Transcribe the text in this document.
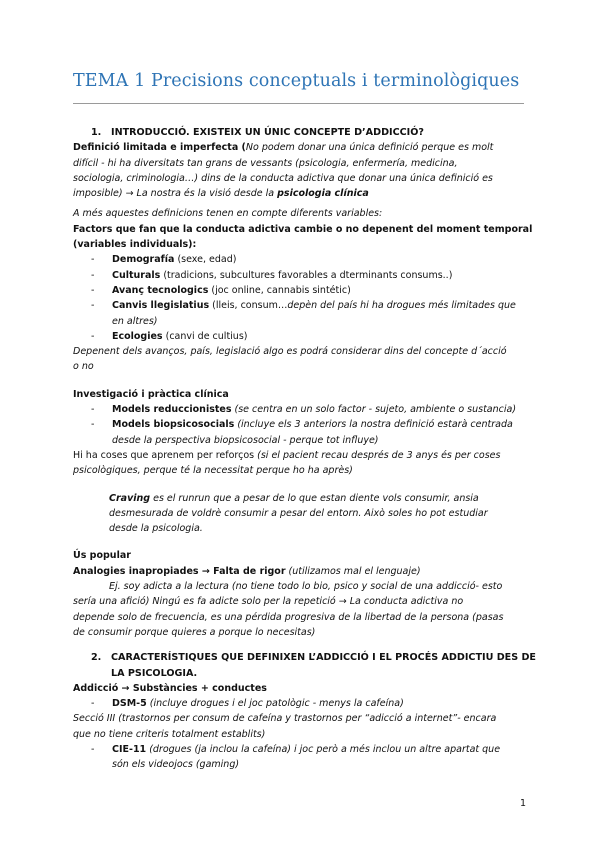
TEMA 1 Precisions conceptuals i terminològiques
1. INTRODUCCIÓ. EXISTEIX UN ÚNIC CONCEPTE D’ADDICCIÓ?
Definició limitada e imperfecta (No podem donar una única definició perque es molt
difícil - hi ha diversitats tan grans de vessants (psicologia, enfermería, medicina,
sociologia, criminologia…) dins de la conducta adictiva que donar una única definició es
imposible) → La nostra és la visió desde la psicologia clínica
A més aquestes definicions tenen en compte diferents variables:
Factors que fan que la conducta adictiva cambie o no depenent del moment temporal
(variables individuals):
- Demografía (sexe, edad)
- Culturals (tradicions, subcultures favorables a dterminants consums..)
- Avanç tecnologics (joc online, cannabis sintétic)
- Canvis llegislatius (lleis, consum…depèn del país hi ha drogues més limitades que
en altres)
- Ecologies (canvi de cultius)
Depenent dels avanços, país, legislació algo es podrá considerar dins del concepte d´acció
o no
Investigació i pràctica clínica
- Models reduccionistes (se centra en un solo factor - sujeto, ambiente o sustancia)
- Models biopsicosocials (incluye els 3 anteriors la nostra definició estarà centrada
desde la perspectiva biopsicosocial - perque tot influye)
Hi ha coses que aprenem per reforços (si el pacient recau després de 3 anys és per coses
psicològiques, perque té la necessitat perque ho ha après)
Craving es el runrun que a pesar de lo que estan diente vols consumir, ansia
desmesurada de voldrè consumir a pesar del entorn. Això soles ho pot estudiar
desde la psicologia.
Ús popular
Analogies inapropiades → Falta de rigor (utilizamos mal el lenguaje)
Ej. soy adicta a la lectura (no tiene todo lo bio, psico y social de una addicció- esto
sería una afició) Ningú es fa adicte solo per la repetició → La conducta adictiva no
depende solo de frecuencia, es una pérdida progresiva de la libertad de la persona (pasas
de consumir porque quieres a porque lo necesitas)
2. CARACTERÍSTIQUES QUE DEFINIXEN L’ADDICCIÓ I EL PROCÉS ADDICTIU DES DE
LA PSICOLOGIA.
Addicció → Substàncies + conductes
- DSM-5 (incluye drogues i el joc patològic - menys la cafeína)
Secció III (trastornos per consum de cafeína y trastornos per “adicció a internet”- encara
que no tiene criteris totalment establits)
- CIE-11 (drogues (ja inclou la cafeína) i joc però a més inclou un altre apartat que
són els videojocs (gaming)
1
